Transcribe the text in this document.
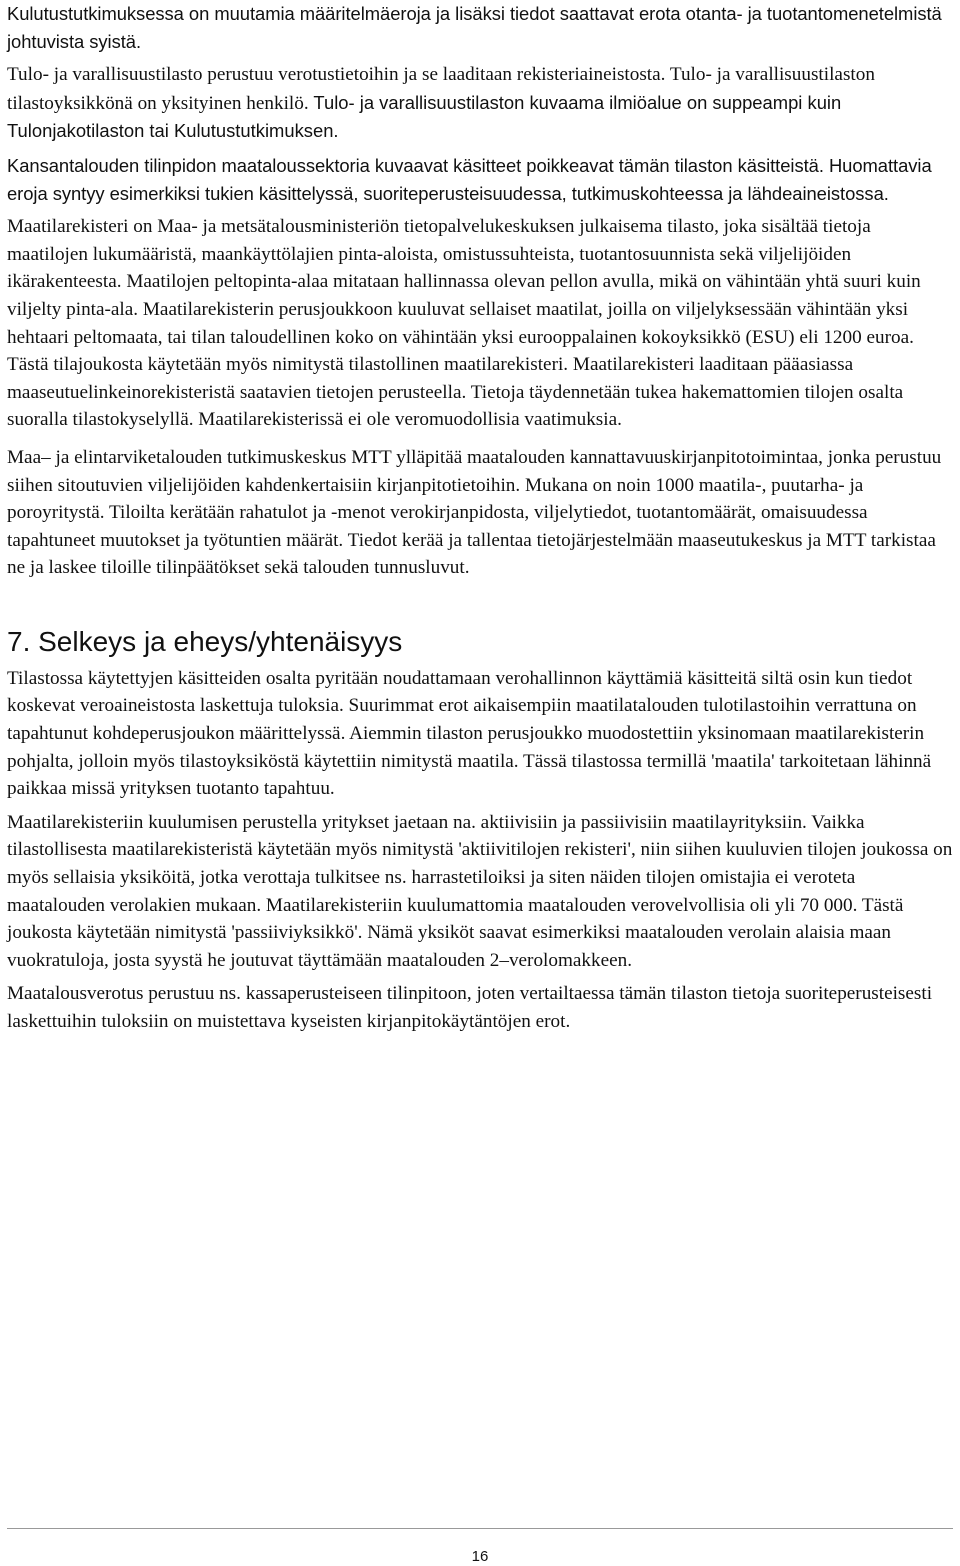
Kulutustutkimuksessa on muutamia määritelmäeroja ja lisäksi tiedot saattavat erota otanta- ja tuotantomenetelmistä johtuvista syistä.

Tulo- ja varallisuustilasto perustuu verotustietoihin ja se laaditaan rekisteriaineistosta. Tulo- ja varallisuustilaston tilastoyksikkönä on yksityinen henkilö. Tulo- ja varallisuustilaston kuvaama ilmiöalue on suppeampi kuin Tulonjakotilaston tai Kulutustutkimuksen.

Kansantalouden tilinpidon maataloussektoria kuvaavat käsitteet poikkeavat tämän tilaston käsitteistä. Huomattavia eroja syntyy esimerkiksi tukien käsittelyssä, suoriteperusteisuudessa, tutkimuskohteessa ja lähdeaineistossa.

Maatilarekisteri on Maa- ja metsätalousministeriön tietopalvelukeskuksen julkaisema tilasto, joka sisältää tietoja maatilojen lukumääristä, maankäyttölajien pinta-aloista, omistussuhteista, tuotantosuunnista sekä viljelijöiden ikärakenteesta. Maatilojen peltopinta-alaa mitataan hallinnassa olevan pellon avulla, mikä on vähintään yhtä suuri kuin viljelty pinta-ala. Maatilarekisterin perusjoukkoon kuuluvat sellaiset maatilat, joilla on viljelyksessään vähintään yksi hehtaari peltomaata, tai tilan taloudellinen koko on vähintään yksi eurooppalainen kokoyksikkö (ESU) eli 1200 euroa. Tästä tilajoukosta käytetään myös nimitystä tilastollinen maatilarekisteri. Maatilarekisteri laaditaan pääasiassa maaseutuelinkeinorekisteristä saatavien tietojen perusteella. Tietoja täydennetään tukea hakemattomien tilojen osalta suoralla tilastokyselyllä. Maatilarekisterissä ei ole veromuodollisia vaatimuksia.

Maa– ja elintarviketalouden tutkimuskeskus MTT ylläpitää maatalouden kannattavuuskirjanpitotoimintaa, jonka perustuu siihen sitoutuvien viljelijöiden kahdenkertaisiin kirjanpitotietoihin. Mukana on noin 1000 maatila-, puutarha- ja poroyritystä. Tiloilta kerätään rahatulot ja -menot verokirjanpidosta, viljelytiedot, tuotantomäärät, omaisuudessa tapahtuneet muutokset ja työtuntien määrät. Tiedot kerää ja tallentaa tietojärjestelmään maaseutukeskus ja MTT tarkistaa ne ja laskee tiloille tilinpäätökset sekä talouden tunnusluvut.

7. Selkeys ja eheys/yhtenäisyys

Tilastossa käytettyjen käsitteiden osalta pyritään noudattamaan verohallinnon käyttämiä käsitteitä siltä osin kun tiedot koskevat veroaineistosta laskettuja tuloksia. Suurimmat erot aikaisempiin maatilatalouden tulotilastoihin verrattuna on tapahtunut kohdeperusjoukon määrittelyssä. Aiemmin tilaston perusjoukko muodostettiin yksinomaan maatilarekisterin pohjalta, jolloin myös tilastoyksiköstä käytettiin nimitystä maatila. Tässä tilastossa termillä 'maatila' tarkoitetaan lähinnä paikkaa missä yrityksen tuotanto tapahtuu.

Maatilarekisteriin kuulumisen perustella yritykset jaetaan na. aktiivisiin ja passiivisiin maatilayrityksiin. Vaikka tilastollisesta maatilarekisteristä käytetään myös nimitystä 'aktiivitilojen rekisteri', niin siihen kuuluvien tilojen joukossa on myös sellaisia yksiköitä, jotka verottaja tulkitsee ns. harrastetiloiksi ja siten näiden tilojen omistajia ei veroteta maatalouden verolakien mukaan. Maatilarekisteriin kuulumattomia maatalouden verovelvollisia oli yli 70 000. Tästä joukosta käytetään nimitystä 'passiiviyksikkö'. Nämä yksiköt saavat esimerkiksi maatalouden verolain alaisia maan vuokratuloja, josta syystä he joutuvat täyttämään maatalouden 2–verolomakkeen.

Maatalousverotus perustuu ns. kassaperusteiseen tilinpitoon, joten vertailtaessa tämän tilaston tietoja suoriteperusteisesti laskettuihin tuloksiin on muistettava kyseisten kirjanpitokäytäntöjen erot.

16
